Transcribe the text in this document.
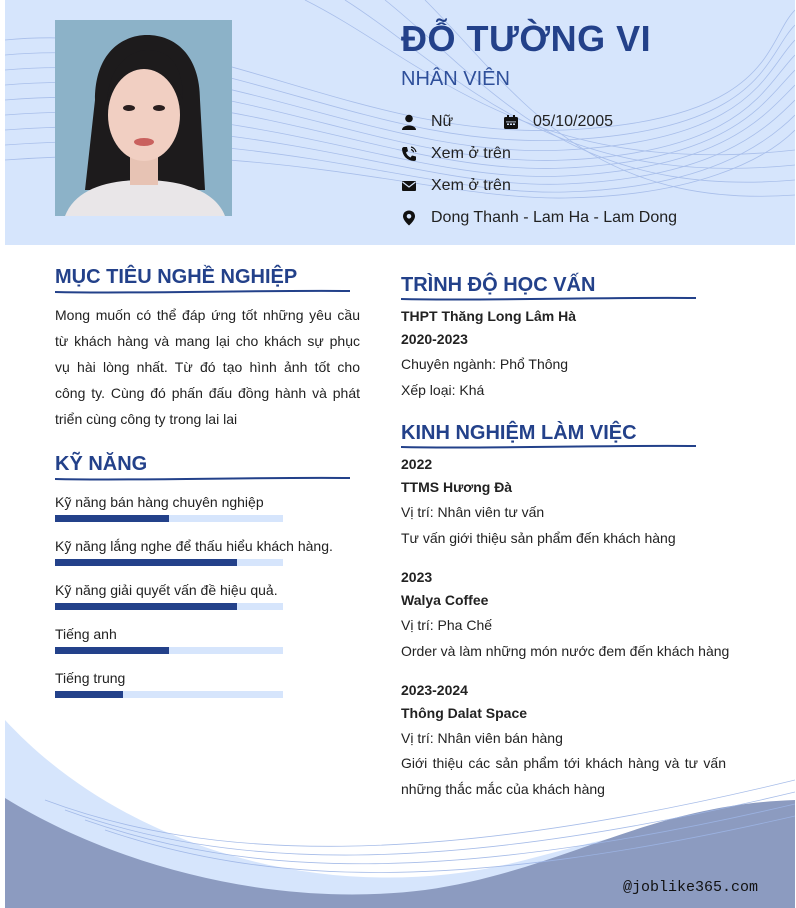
ĐỖ TƯỜNG VI
NHÂN VIÊN
Nữ	05/10/2005
Xem ở trên
Xem ở trên
Dong Thanh - Lam Ha - Lam Dong
MỤC TIÊU NGHỀ NGHIỆP
Mong muốn có thể đáp ứng tốt những yêu cầu từ khách hàng và mang lại cho khách sự phục vụ hài lòng nhất. Từ đó tạo hình ảnh tốt cho công ty. Cùng đó phấn đấu đồng hành và phát triển cùng công ty trong lai lai
KỸ NĂNG
Kỹ năng bán hàng chuyên nghiệp
Kỹ năng lắng nghe để thấu hiểu khách hàng.
Kỹ năng giải quyết vấn đề hiệu quả.
Tiếng anh
Tiếng trung
TRÌNH ĐỘ HỌC VẤN
THPT Thăng Long Lâm Hà
2020-2023
Chuyên ngành: Phổ Thông
Xếp loại: Khá
KINH NGHIỆM LÀM VIỆC
2022
TTMS Hương Đà
Vị trí: Nhân viên tư vấn
Tư vấn giới thiệu sản phẩm đến khách hàng
2023
Walya Coffee
Vị trí: Pha Chế
Order và làm những món nước đem đến khách hàng
2023-2024
Thông Dalat Space
Vị trí: Nhân viên bán hàng
Giới thiệu các sản phẩm tới khách hàng và tư vấn những thắc mắc của khách hàng
@joblike365.com
